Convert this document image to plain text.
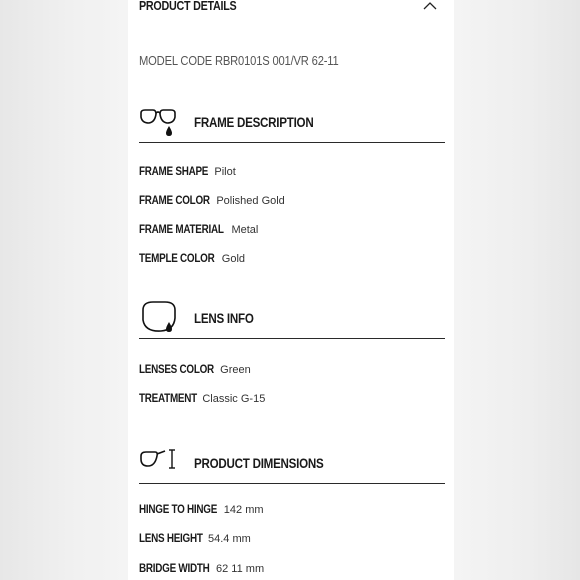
PRODUCT DETAILS
MODEL CODE RBR0101S 001/VR 62-11
FRAME DESCRIPTION
FRAME SHAPE Pilot
FRAME COLOR Polished Gold
FRAME MATERIAL Metal
TEMPLE COLOR Gold
LENS INFO
LENSES COLOR Green
TREATMENT Classic G-15
PRODUCT DIMENSIONS
HINGE TO HINGE 142 mm
LENS HEIGHT 54.4 mm
BRIDGE WIDTH 62 11 mm
